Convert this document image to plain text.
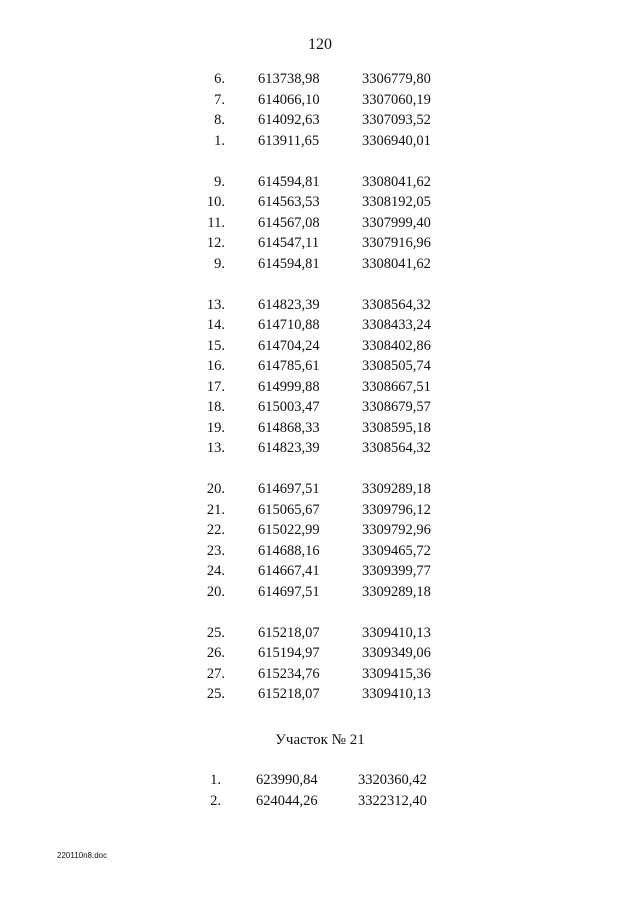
120
6. 613738,98	3306779,80
7. 614066,10	3307060,19
8. 614092,63	3307093,52
1. 613911,65	3306940,01
9. 614594,81	3308041,62
10. 614563,53	3308192,05
11. 614567,08	3307999,40
12. 614547,11	3307916,96
9. 614594,81	3308041,62
13. 614823,39	3308564,32
14. 614710,88	3308433,24
15. 614704,24	3308402,86
16. 614785,61	3308505,74
17. 614999,88	3308667,51
18. 615003,47	3308679,57
19. 614868,33	3308595,18
13. 614823,39	3308564,32
20. 614697,51	3309289,18
21. 615065,67	3309796,12
22. 615022,99	3309792,96
23. 614688,16	3309465,72
24. 614667,41	3309399,77
20. 614697,51	3309289,18
25. 615218,07	3309410,13
26. 615194,97	3309349,06
27. 615234,76	3309415,36
25. 615218,07	3309410,13
Участок № 21
1. 623990,84	3320360,42
2. 624044,26	3322312,40
220110n8.doc
